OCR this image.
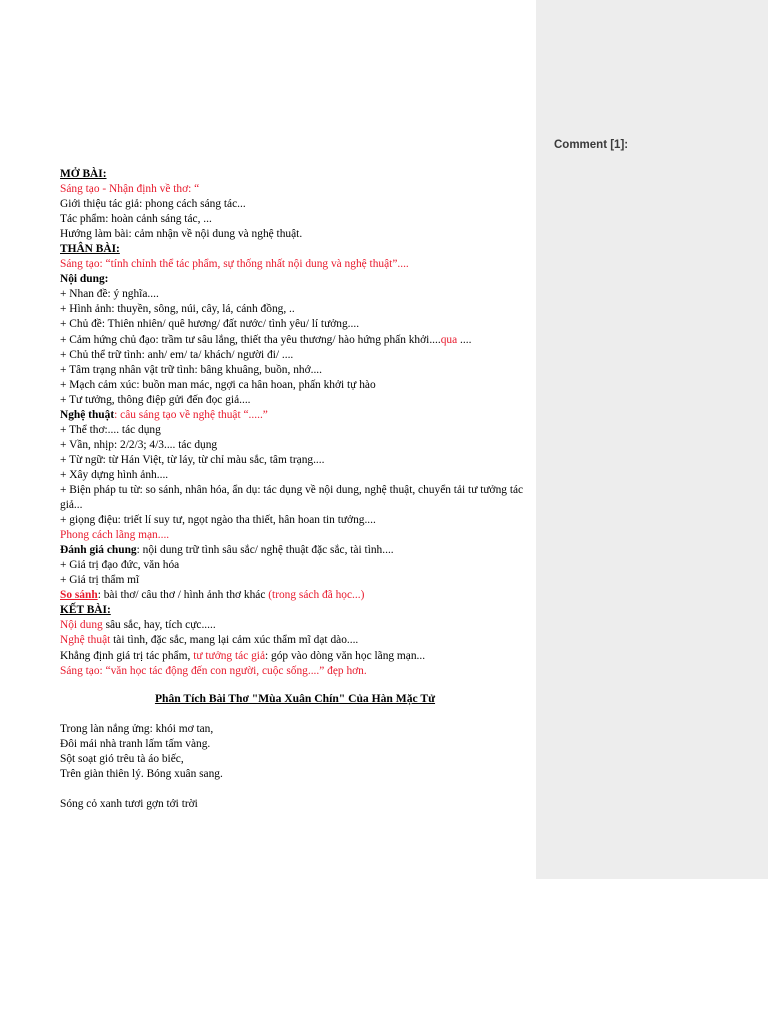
MỞ BÀI:
Sáng tạo - Nhận định về thơ: “
Giới thiệu tác giả: phong cách sáng tác...
Tác phẩm: hoàn cảnh sáng tác, ...
Hướng làm bài: cảm nhận về nội dung và nghệ thuật.
THÂN BÀI:
Sáng tạo: “tính chỉnh thể tác phẩm, sự thống nhất nội dung và nghệ thuật”....
Nội dung:
+ Nhan đề: ý nghĩa....
+ Hình ảnh: thuyền, sông, núi, cây, lá, cánh đồng, ..
+ Chủ đề: Thiên nhiên/ quê hương/ đất nước/ tình yêu/ lí tưởng....
+ Cảm hứng chủ đạo: trầm tư sâu lắng, thiết tha yêu thương/ hào hứng phấn khởi....qua ....
+ Chủ thể trữ tình: anh/ em/ ta/ khách/ người đi/ ....
+ Tâm trạng nhân vật trữ tình: bâng khuâng, buồn, nhớ....
+ Mạch cảm xúc: buồn man mác, ngợi ca hân hoan, phấn khởi tự hào
+ Tư tưởng, thông điệp gửi đến đọc giả....
Nghệ thuật: câu sáng tạo về nghệ thuật “.....”
+ Thể thơ:.... tác dụng
+ Vần, nhịp: 2/2/3; 4/3.... tác dụng
+ Từ ngữ: từ Hán Việt, từ láy, từ chỉ màu sắc, tâm trạng....
+ Xây dựng hình ảnh....
+ Biện pháp tu từ: so sánh, nhân hóa, ẩn dụ: tác dụng về nội dung, nghệ thuật, chuyển tải tư tưởng tác giả...
+ giọng điệu: triết lí suy tư, ngọt ngào tha thiết, hân hoan tin tưởng....
Phong cách lãng mạn....
Đánh giá chung: nội dung trữ tình sâu sắc/ nghệ thuật đặc sắc, tài tình....
+ Giá trị đạo đức, văn hóa
+ Giá trị thẩm mĩ
So sánh: bài thơ/ câu thơ / hình ảnh thơ khác (trong sách đã học...)
KẾT BÀI:
Nội dung sâu sắc, hay, tích cực.....
Nghệ thuật tài tình, đặc sắc, mang lại cảm xúc thẩm mĩ dạt dào....
Khẳng định giá trị tác phẩm, tư tưởng tác giả: góp vào dòng văn học lãng mạn...
Sáng tạo: “văn học tác động đến con người, cuộc sống....” đẹp hơn.
Phân Tích Bài Thơ "Mùa Xuân Chín" Của Hàn Mặc Tử
Trong làn nắng ửng: khói mơ tan,
Đôi mái nhà tranh lấm tấm vàng.
Sột soạt gió trêu tà áo biếc,
Trên giàn thiên lý. Bóng xuân sang.
Sóng cỏ xanh tươi gợn tới trời
Comment [1]:
